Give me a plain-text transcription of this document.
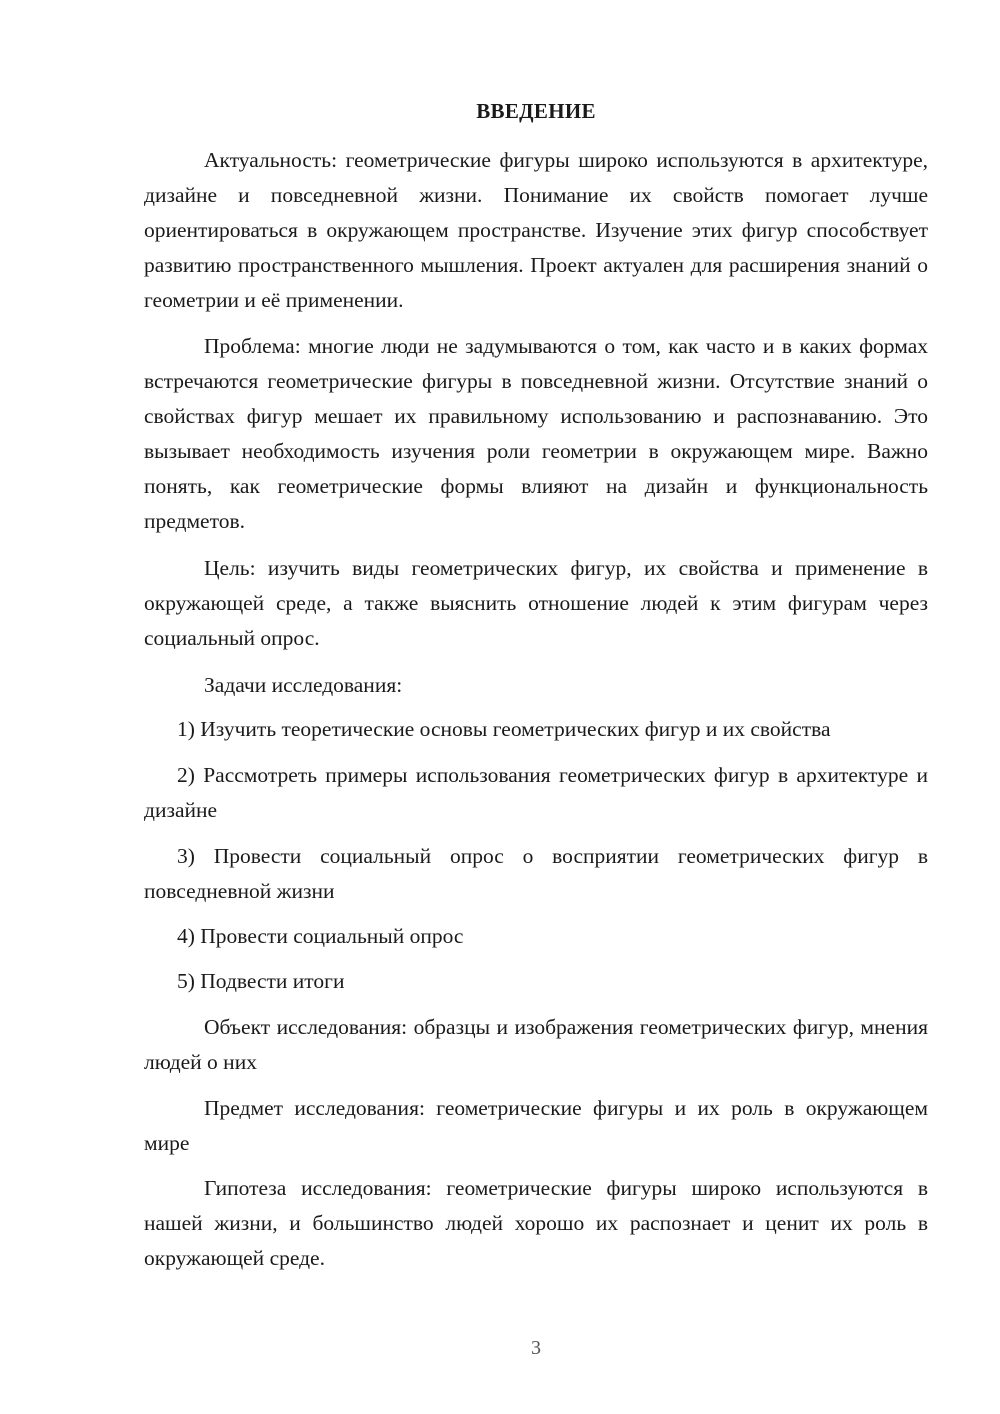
ВВЕДЕНИЕ

Актуальность: геометрические фигуры широко используются в архитектуре, дизайне и повседневной жизни. Понимание их свойств помогает лучше ориентироваться в окружающем пространстве. Изучение этих фигур способствует развитию пространственного мышления. Проект актуален для расширения знаний о геометрии и её применении.

Проблема: многие люди не задумываются о том, как часто и в каких формах встречаются геометрические фигуры в повседневной жизни. Отсутствие знаний о свойствах фигур мешает их правильному использованию и распознаванию. Это вызывает необходимость изучения роли геометрии в окружающем мире. Важно понять, как геометрические формы влияют на дизайн и функциональность предметов.

Цель: изучить виды геометрических фигур, их свойства и применение в окружающей среде, а также выяснить отношение людей к этим фигурам через социальный опрос.

Задачи исследования:

1) Изучить теоретические основы геометрических фигур и их свойства

2) Рассмотреть примеры использования геометрических фигур в архитектуре и дизайне

3) Провести социальный опрос о восприятии геометрических фигур в повседневной жизни

4) Провести социальный опрос

5) Подвести итоги

Объект исследования: образцы и изображения геометрических фигур, мнения людей о них

Предмет исследования: геометрические фигуры и их роль в окружающем мире

Гипотеза исследования: геометрические фигуры широко используются в нашей жизни, и большинство людей хорошо их распознает и ценит их роль в окружающей среде.

3
